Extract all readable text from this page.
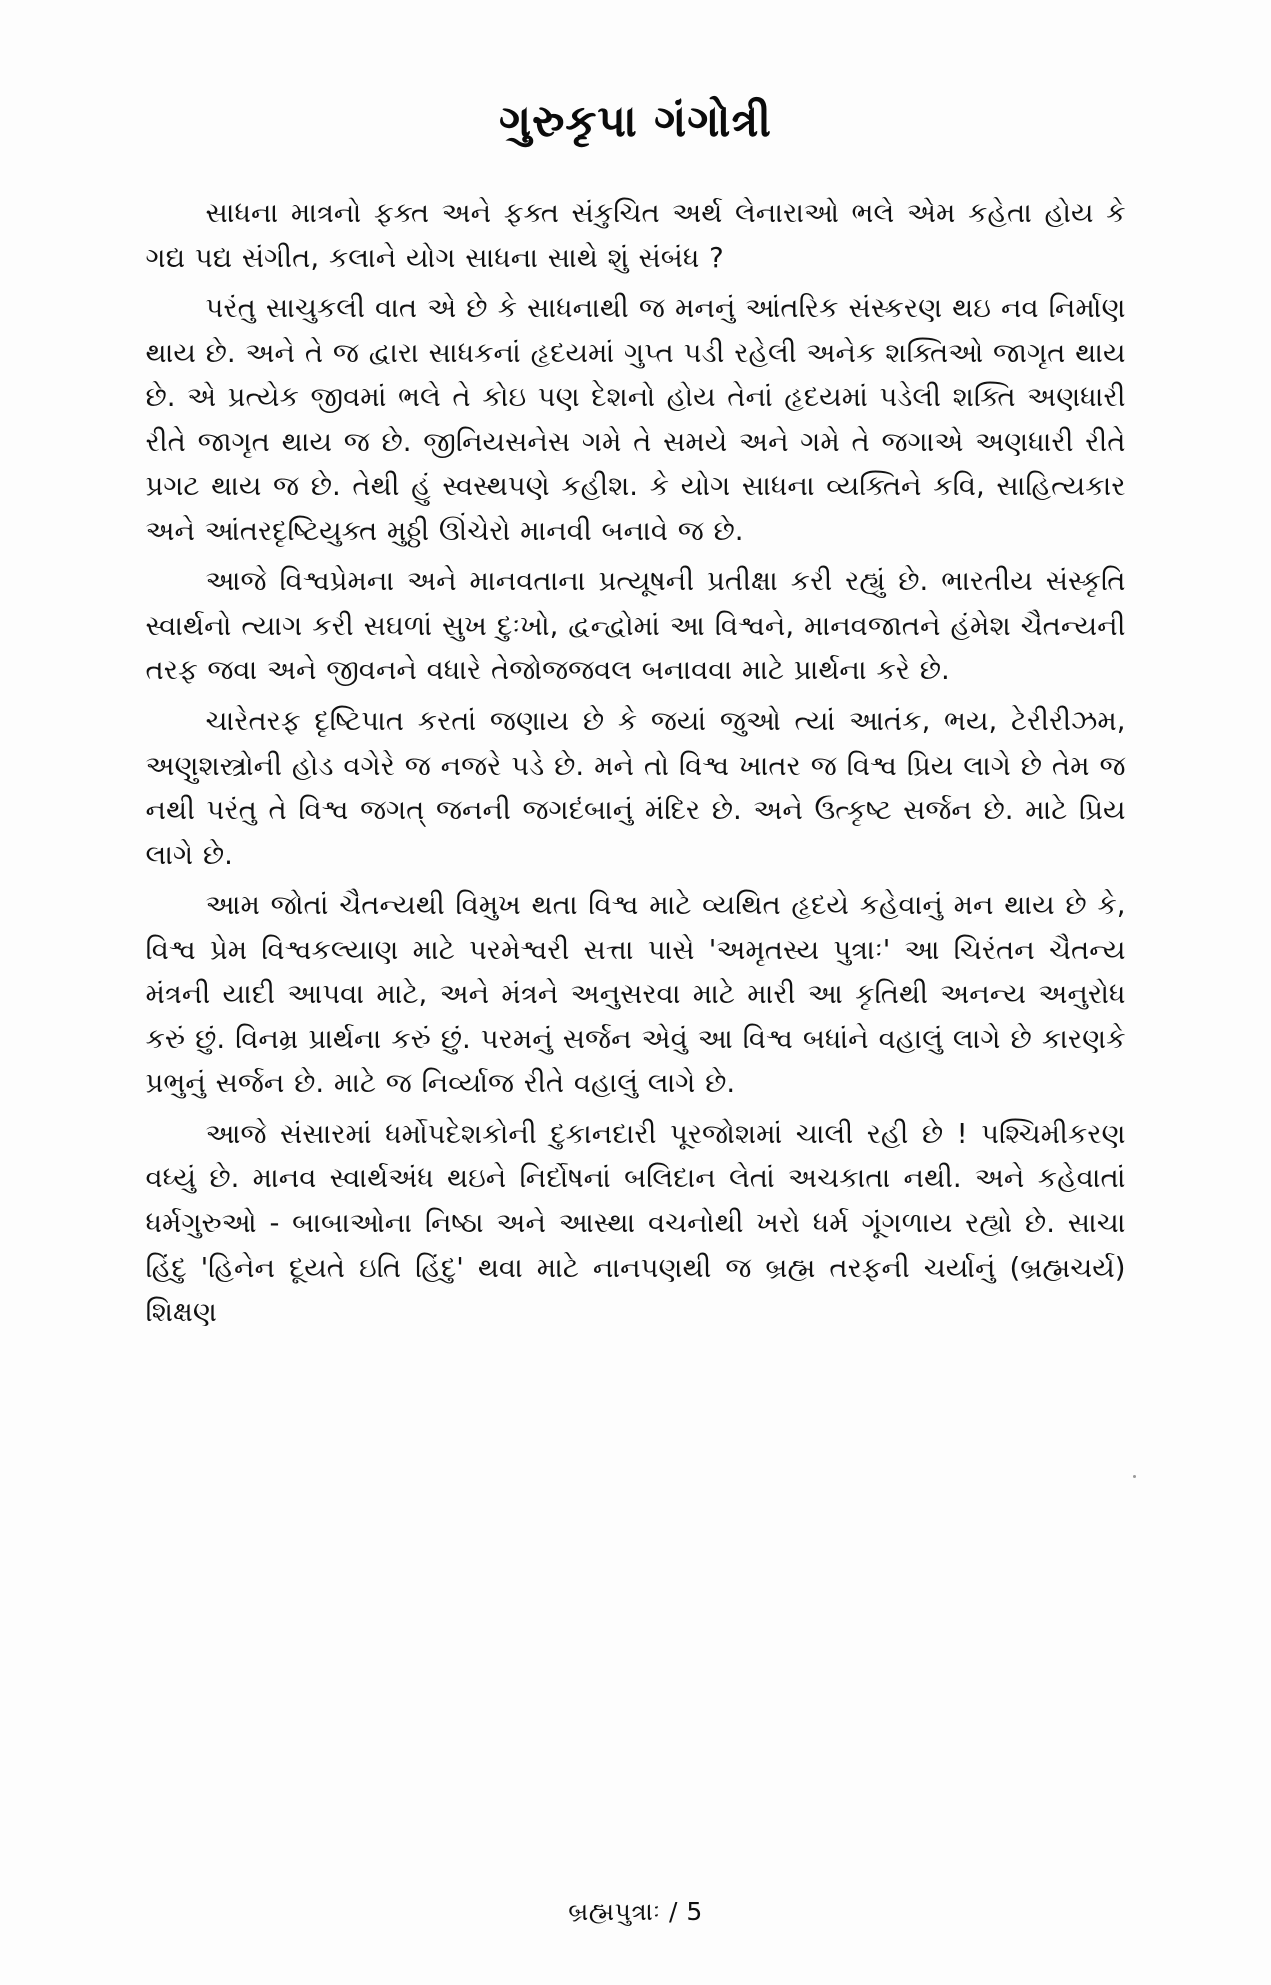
ગુરુકૃપા ગંગોત્રી

સાધના માત્રનો ફક્ત અને ફક્ત સંકુચિત અર્થ લેનારાઓ ભલે એમ કહેતા હોય કે ગદ્ય પદ્ય સંગીત, કલાને યોગ સાધના સાથે શું સંબંધ ?

પરંતુ સાચુકલી વાત એ છે કે સાધનાથી જ મનનું આંતરિક સંસ્કરણ થઇ નવ નિર્માણ થાય છે. અને તે જ દ્વારા સાધકનાં હૃદયમાં ગુપ્ત પડી રહેલી અનેક શક્તિઓ જાગૃત થાય છે. એ પ્રત્યેક જીવમાં ભલે તે કોઇ પણ દેશનો હોય તેનાં હૃદયમાં પડેલી શક્તિ અણધારી રીતે જાગૃત થાય જ છે. જીનિયસનેસ ગમે તે સમયે અને ગમે તે જગાએ અણધારી રીતે પ્રગટ થાય જ છે. તેથી હું સ્વસ્થપણે કહીશ. કે યોગ સાધના વ્યક્તિને કવિ, સાહિત્યકાર અને આંતરદૃષ્ટિયુક્ત મુઠ્ઠી ઊંચેરો માનવી બનાવે જ છે.

આજે વિશ્વપ્રેમના અને માનવતાના પ્રત્યૂષની પ્રતીક્ષા કરી રહ્યું છે. ભારતીય સંસ્કૃતિ સ્વાર્થનો ત્યાગ કરી સઘળાં સુખ દુઃખો, દ્વન્દ્વોમાં આ વિશ્વને, માનવજાતને હંમેશ ચૈતન્યની તરફ જવા અને જીવનને વધારે તેજોજજવલ બનાવવા માટે પ્રાર્થના કરે છે.

ચારેતરફ દૃષ્ટિપાત કરતાં જણાય છે કે જયાં જુઓ ત્યાં આતંક, ભય, ટેરીરીઝમ, અણુશસ્ત્રોની હોડ વગેરે જ નજરે પડે છે. મને તો વિશ્વ ખાતર જ વિશ્વ પ્રિય લાગે છે તેમ જ નથી પરંતુ તે વિશ્વ જગત્ જનની જગદંબાનું મંદિર છે. અને ઉત્કૃષ્ટ સર્જન છે. માટે પ્રિય લાગે છે.

આમ જોતાં ચૈતન્યથી વિમુખ થતા વિશ્વ માટે વ્યથિત હૃદયે કહેવાનું મન થાય છે કે, વિશ્વ પ્રેમ વિશ્વકલ્યાણ માટે પરમેશ્વરી સત્તા પાસે 'અમૃતસ્ય પુત્રાઃ' આ ચિરંતન ચૈતન્ય મંત્રની યાદી આપવા માટે, અને મંત્રને અનુસરવા માટે મારી આ કૃતિથી અનન્ય અનુરોધ કરું છું. વિનમ્ર પ્રાર્થના કરું છું. પરમનું સર્જન એવું આ વિશ્વ બધાંને વહાલું લાગે છે કારણકે પ્રભુનું સર્જન છે. માટે જ નિર્વ્યાજ રીતે વહાલું લાગે છે.

આજે સંસારમાં ધર્મોપદેશકોની દુકાનદારી પૂરજોશમાં ચાલી રહી છે ! પશ્ચિમીકરણ વધ્યું છે. માનવ સ્વાર્થઅંધ થઇને નિર્દોષનાં બલિદાન લેતાં અચકાતા નથી. અને કહેવાતાં ધર્મગુરુઓ - બાબાઓના નિષ્ઠા અને આસ્થા વચનોથી ખરો ધર્મ ગૂંગળાય રહ્યો છે. સાચા હિંદુ 'હિનેન દૂયતે ઇતિ હિંદુ' થવા માટે નાનપણથી જ બ્રહ્મ તરફની ચર્યાનું (બ્રહ્મચર્ય) શિક્ષણ

બ્રહ્મપુત્રાઃ / 5
